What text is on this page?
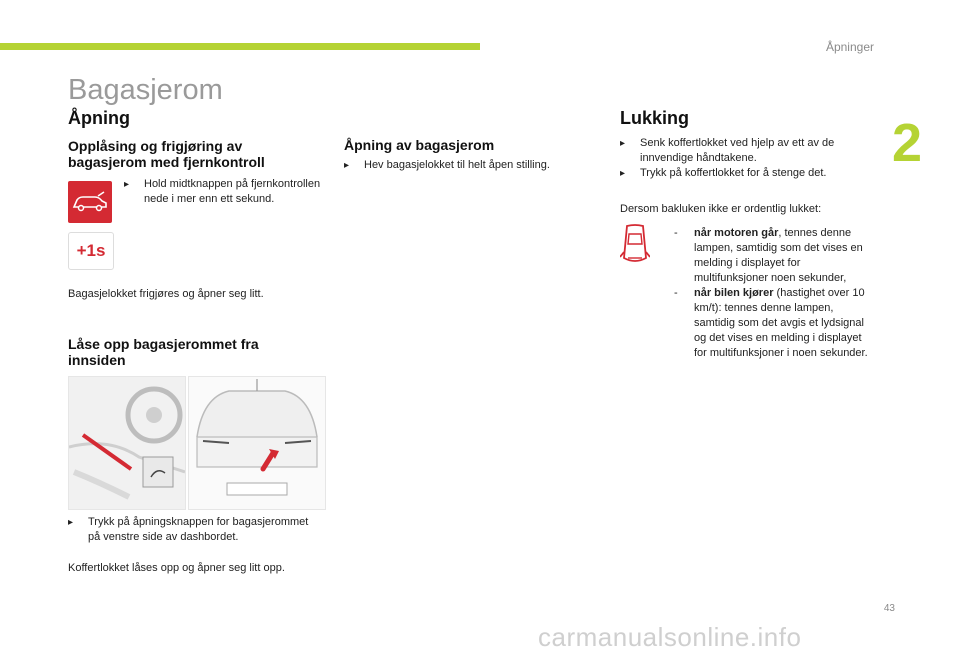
Åpninger
2
Bagasjerom
Åpning
Opplåsing og frigjøring av bagasjerom med fjernkontroll
▸	Hold midtknappen på fjernkontrollen nede i mer enn ett sekund.
+1s

Bagasjelokket frigjøres og åpner seg litt.

Låse opp bagasjerommet fra innsiden
▸	Trykk på åpningsknappen for bagasjerommet på venstre side av dashbordet.

Koffertlokket låses opp og åpner seg litt opp.

Åpning av bagasjerom
▸	Hev bagasjelokket til helt åpen stilling.
Lukking
▸	Senk koffertlokket ved hjelp av ett av de innvendige håndtakene.
▸	Trykk på koffertlokket for å stenge det.

Dersom bakluken ikke er ordentlig lukket:

-	når motoren går, tennes denne lampen, samtidig som det vises en melding i displayet for multifunksjoner noen sekunder,
-	når bilen kjører (hastighet over 10 km/t): tennes denne lampen, samtidig som det avgis et lydsignal og det vises en melding i displayet for multifunksjoner i noen sekunder.
43
carmanualsonline.info
